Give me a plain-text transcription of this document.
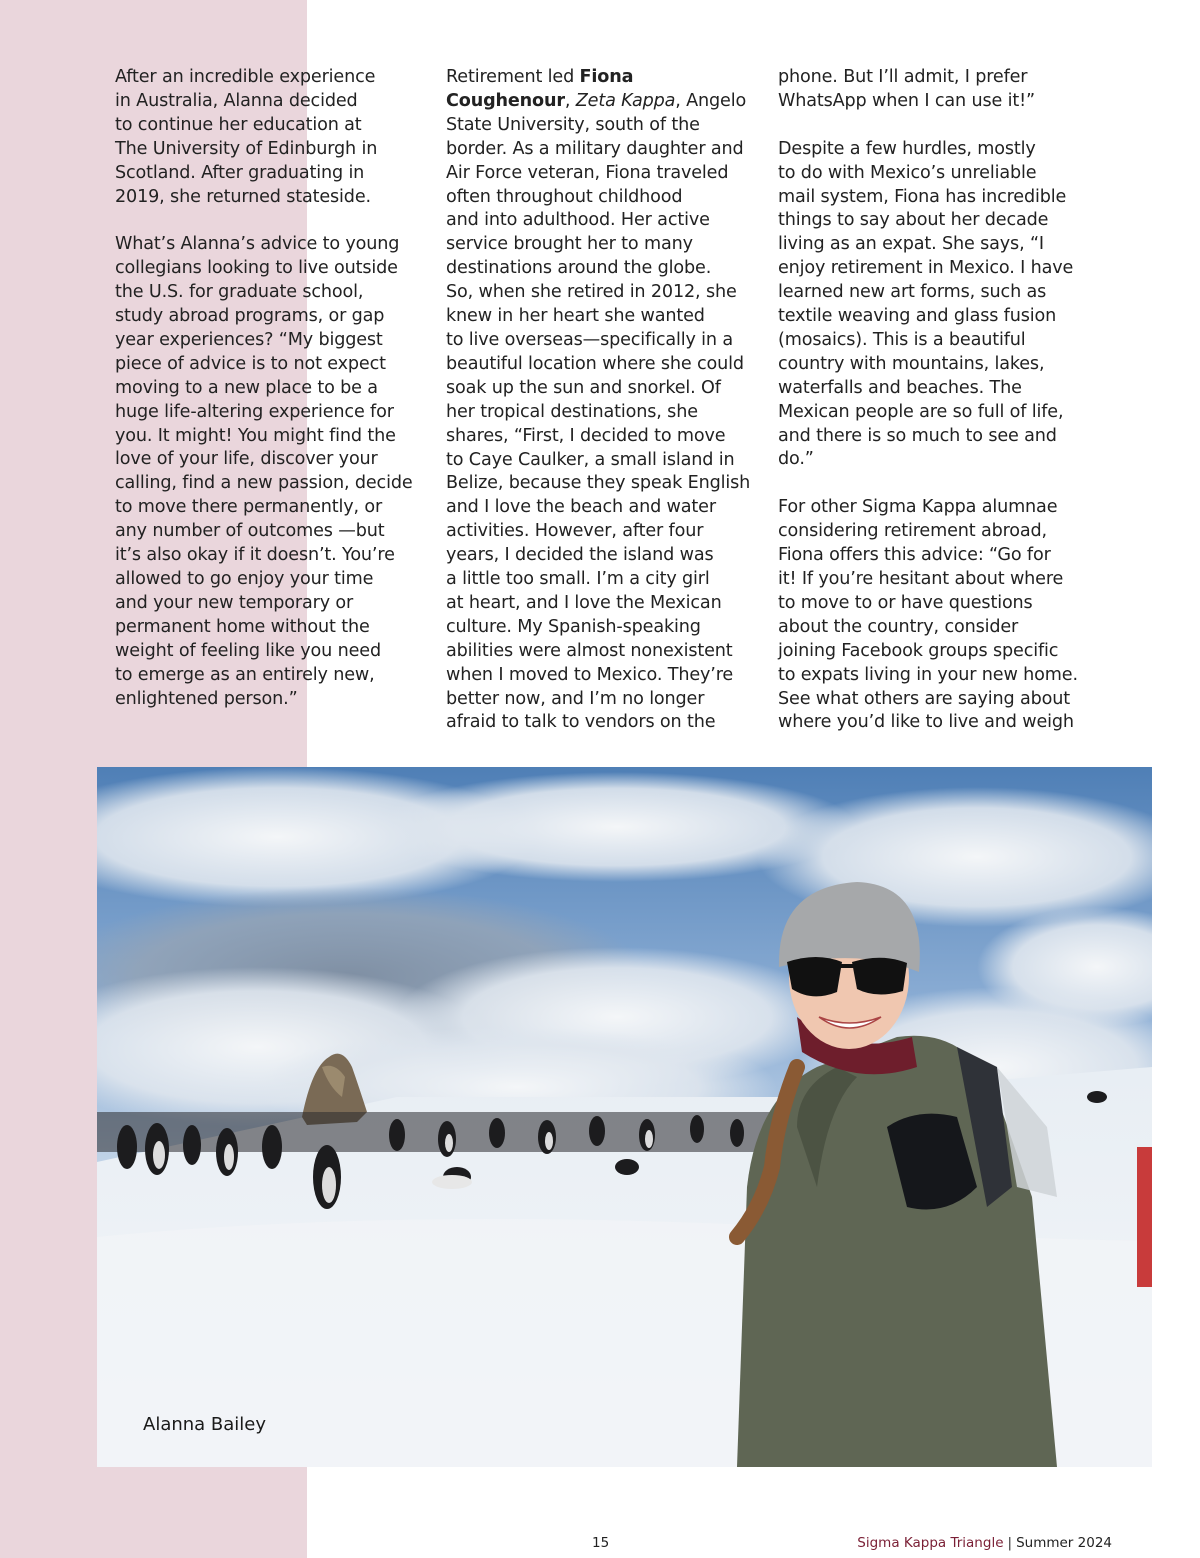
After an incredible experience
in Australia, Alanna decided
to continue her education at
The University of Edinburgh in
Scotland. After graduating in
2019, she returned stateside.

What’s Alanna’s advice to young
collegians looking to live outside
the U.S. for graduate school,
study abroad programs, or gap
year experiences? “My biggest
piece of advice is to not expect
moving to a new place to be a
huge life-altering experience for
you. It might! You might find the
love of your life, discover your
calling, find a new passion, decide
to move there permanently, or
any number of outcomes —but
it’s also okay if it doesn’t. You’re
allowed to go enjoy your time
and your new temporary or
permanent home without the
weight of feeling like you need
to emerge as an entirely new,
enlightened person.”

Retirement led Fiona
Coughenour, Zeta Kappa, Angelo
State University, south of the
border. As a military daughter and
Air Force veteran, Fiona traveled
often throughout childhood
and into adulthood. Her active
service brought her to many
destinations around the globe.
So, when she retired in 2012, she
knew in her heart she wanted
to live overseas—specifically in a
beautiful location where she could
soak up the sun and snorkel. Of
her tropical destinations, she
shares, “First, I decided to move
to Caye Caulker, a small island in
Belize, because they speak English
and I love the beach and water
activities. However, after four
years, I decided the island was
a little too small. I’m a city girl
at heart, and I love the Mexican
culture. My Spanish-speaking
abilities were almost nonexistent
when I moved to Mexico. They’re
better now, and I’m no longer
afraid to talk to vendors on the

phone. But I’ll admit, I prefer
WhatsApp when I can use it!”

Despite a few hurdles, mostly
to do with Mexico’s unreliable
mail system, Fiona has incredible
things to say about her decade
living as an expat. She says, “I
enjoy retirement in Mexico. I have
learned new art forms, such as
textile weaving and glass fusion
(mosaics). This is a beautiful
country with mountains, lakes,
waterfalls and beaches. The
Mexican people are so full of life,
and there is so much to see and
do.”

For other Sigma Kappa alumnae
considering retirement abroad,
Fiona offers this advice: “Go for
it! If you’re hesitant about where
to move to or have questions
about the country, consider
joining Facebook groups specific
to expats living in your new home.
See what others are saying about
where you’d like to live and weigh

Alanna Bailey
15	Sigma Kappa Triangle | Summer 2024
